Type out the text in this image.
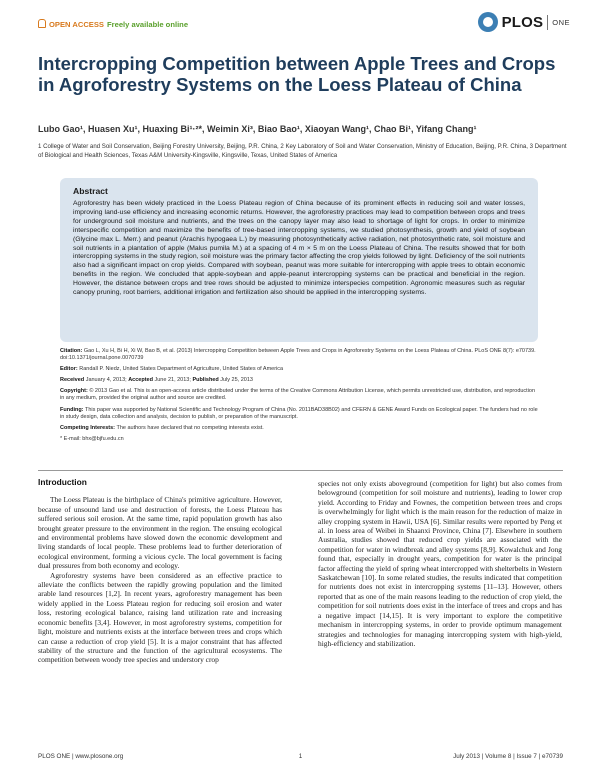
OPEN ACCESS Freely available online	PLOS ONE
Intercropping Competition between Apple Trees and Crops in Agroforestry Systems on the Loess Plateau of China
Lubo Gao¹, Huasen Xu¹, Huaxing Bi¹·²*, Weimin Xi³, Biao Bao¹, Xiaoyan Wang¹, Chao Bi¹, Yifang Chang¹
1 College of Water and Soil Conservation, Beijing Forestry University, Beijing, P.R. China, 2 Key Laboratory of Soil and Water Conservation, Ministry of Education, Beijing, P.R. China, 3 Department of Biological and Health Sciences, Texas A&M University-Kingsville, Kingsville, Texas, United States of America
Abstract

Agroforestry has been widely practiced in the Loess Plateau region of China because of its prominent effects in reducing soil and water losses, improving land-use efficiency and increasing economic returns. However, the agroforestry practices may lead to competition between crops and trees for underground soil moisture and nutrients, and the trees on the canopy layer may also lead to shortage of light for crops. In order to minimize interspecific competition and maximize the benefits of tree-based intercropping systems, we studied photosynthesis, growth and yield of soybean (Glycine max L. Merr.) and peanut (Arachis hypogaea L.) by measuring photosynthetically active radiation, net photosynthetic rate, soil moisture and soil nutrients in a plantation of apple (Malus pumila M.) at a spacing of 4 m × 5 m on the Loess Plateau of China. The results showed that for both intercropping systems in the study region, soil moisture was the primary factor affecting the crop yields followed by light. Deficiency of the soil nutrients also had a significant impact on crop yields. Compared with soybean, peanut was more suitable for intercropping with apple trees to obtain economic benefits in the region. We concluded that apple-soybean and apple-peanut intercropping systems can be practical and beneficial in the region. However, the distance between crops and tree rows should be adjusted to minimize interspecies competition. Agronomic measures such as regular canopy pruning, root barriers, additional irrigation and fertilization also should be applied in the intercropping systems.

Citation: Gao L, Xu H, Bi H, Xi W, Bao B, et al. (2013) Intercropping Competition between Apple Trees and Crops in Agroforestry Systems on the Loess Plateau of China. PLoS ONE 8(7): e70739. doi:10.1371/journal.pone.0070739

Editor: Randall P. Niedz, United States Department of Agriculture, United States of America

Received January 4, 2013; Accepted June 21, 2013; Published July 25, 2013

Copyright: © 2013 Gao et al. This is an open-access article distributed under the terms of the Creative Commons Attribution License, which permits unrestricted use, distribution, and reproduction in any medium, provided the original author and source are credited.

Funding: This paper was supported by National Scientific and Technology Program of China (No. 2011BAD38B02) and CFERN & GENE Award Funds on Ecological paper. The funders had no role in study design, data collection and analysis, decision to publish, or preparation of the manuscript.

Competing Interests: The authors have declared that no competing interests exist.

* E-mail: bhx@bjfu.edu.cn

Introduction

The Loess Plateau is the birthplace of China's primitive agriculture. However, because of unsound land use and destruction of forests, the Loess Plateau has suffered serious soil erosion. At the same time, rapid population growth has also brought greater pressure to the environment in the region. The ensuing ecological and environmental problems have slowed down the economic development and living standards of local people. These problems lead to further deterioration of ecological environment, forming a vicious cycle. The local government is facing dual pressures from both economy and ecology.

Agroforestry systems have been considered as an effective practice to alleviate the conflicts between the rapidly growing population and the limited arable land resources [1,2]. In recent years, agroforestry management has been widely applied in the Loess Plateau region for reducing soil erosion and water loss, restoring ecological balance, raising land utilization rate and increasing economic benefits [3,4]. However, in most agroforestry systems, competition for light, moisture and nutrients exists at the interface between trees and crops which can cause a reduction of crop yield [5]. It is a major constraint that has affected stability of the structure and the function of the agricultural ecosystems. The competition between woody tree species and understory crop

species not only exists aboveground (competition for light) but also comes from belowground (competition for soil moisture and nutrients), leading to lower crop yield. According to Friday and Fownes, the competition between trees and crops is overwhelmingly for light which is the main reason for the reduction of maize in alley cropping system in Hawii, USA [6]. Similar results were reported by Peng et al. in loess area of Weibei in Shaanxi Province, China [7]. Elsewhere in southern Australia, studies showed that reduced crop yields are associated with the competition for water in windbreak and alley systems [8,9]. Kowalchuk and Jong found that, especially in drought years, competition for water is the principal factor affecting the yield of spring wheat intercropped with shelterbelts in Western Saskatchewan [10]. In some related studies, the results indicated that competition for nutrients does not exist in intercropping systems [11–13]. However, others reported that as one of the main reasons leading to the reduction of crop yield, the competition for soil nutrients does exist in the interface of trees and crops and has a negative impact [14,15]. It is very important to explore the competitive mechanism in intercropping systems, in order to provide optimum management strategies and technologies for managing intercropping system with high-yield, high-efficiency and stabilization.

PLOS ONE | www.plosone.org	1	July 2013 | Volume 8 | Issue 7 | e70739
